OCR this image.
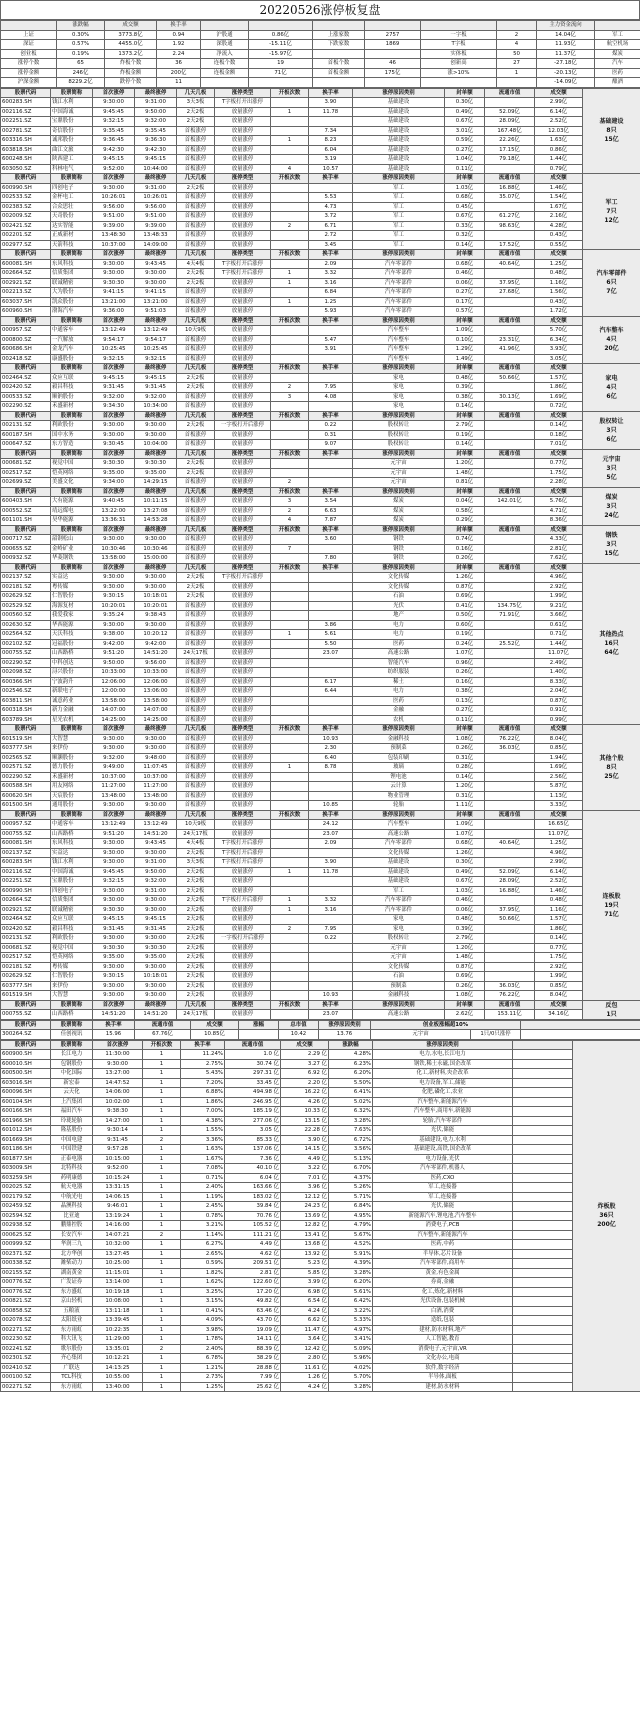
20220526涨停板复盘
	涨跌幅	成交额	换手率							主力资金流向	
上证	0.30%	3773.8亿	0.94	沪股通	0.86亿	上涨家数	2757	一字板	2	14.04亿	军工
深证	0.57%	4455.0亿	1.92	深股通	-15.11亿	下跌家数	1869	T字板	4	11.93亿	航空机场
创业板	0.19%	1373.2亿	2.24	净流入	-15.97亿			实体板	50	11.37亿	煤炭
涨停个数	65	炸板个数	36	连板个数	19	首板个数	46	创新高	27	-27.18亿	汽车
涨停金额	246亿	炸板金额	200亿	连板金额	71亿	首板金额	175亿	涨>10%	1	-20.13亿	医药
沪深金额	8229.2亿	跌停个数	11							-14.09亿	酿酒
股票代码	股票简称	首次涨停	最终涨停	几天几板	涨停类型	开板次数	换手率	涨停原因类别	封单额	流通市值	成交额	基础建设
8只
15亿
600283.SH	钱江水利	9:30:00	9:31:00	3天3板	T字板打开出涨停		3.90	基础建设	0.30亿		2.99亿	
002116.SZ	中国海诚	9:45:45	9:50:00	2天2板	放量涨停	1	11.78	基础建设	0.49亿	52.09亿	6.14亿	
002251.SZ	宝鼎股份	9:32:15	9:32:00	2天2板	放量涨停			基础建设	0.67亿	28.09亿	2.52亿	
002781.SZ	奇信股份	9:35:45	9:35:45	首板涨停	放量涨停		7.34	基础建设	3.01亿	167.48亿	12.03亿	
603316.SH	诚邦股份	9:36:45	9:36:30	首板涨停	放量涨停	1	8.23	基础建设	0.59亿	22.26亿	1.63亿	
603818.SH	曲江文旅	9:42:30	9:42:30	首板涨停	放量涨停		6.04	基础建设	0.27亿	17.15亿	0.86亿	
600248.SH	陕西建工	9:45:15	9:45:15	首板涨停	放量涨停		3.19	基础建设	1.04亿	79.18亿	1.44亿	
603050.SZ	科林电气	9:52:00	10:44:00	首板涨停	放量涨停	4	10.57	基础建设	0.11亿		0.79亿	
股票代码	股票简称	首次涨停	最终涨停	几天几板	涨停类型	开板次数	换手率	涨停原因类别	封单额	流通市值	成交额	军工
7只
12亿
600990.SH	四创电子	9:30:00	9:31:00	2天2板	放量涨停			军工	1.03亿	16.88亿	1.46亿	
002533.SZ	金杯电工	10:26:01	10:26:01	首板涨停	放量涨停		5.53	军工	0.68亿	35.07亿	1.54亿	
002383.SZ	合众思壮	9:56:00	9:56:00	首板涨停	放量涨停		4.73	军工	0.45亿		1.67亿	
002009.SZ	天奇股份	9:51:00	9:51:00	首板涨停	放量涨停		3.72	军工	0.67亿	61.27亿	2.16亿	
002421.SZ	达实智能	9:39:00	9:39:00	首板涨停	放量涨停	2	6.71	军工	0.33亿	98.63亿	4.28亿	
002201.SZ	正威新材	13:48:30	13:48:33	首板涨停	放量涨停		2.72	军工	0.32亿		0.43亿	
002977.SZ	天箭科技	10:37:00	14:09:00	首板涨停	放量涨停		3.45	军工	0.14亿	17.52亿	0.55亿	
股票代码	股票简称	首次涨停	最终涨停	几天几板	涨停类型	开板次数	换手率	涨停原因类别	封单额	流通市值	成交额	汽车零部件
6只
7亿
600081.SH	东风科技	9:30:00	9:43:45	4天4板	T字板打开后涨停		2.09	汽车零部件	0.68亿	40.64亿	1.25亿	
002664.SZ	信质集团	9:30:00	9:30:00	2天2板	T字板打开后涨停	1	3.32	汽车零部件	0.46亿		0.48亿	
002921.SZ	联诚精密	9:30:30	9:30:00	2天2板	放量涨停	1	3.16	汽车零部件	0.06亿	37.95亿	1.16亿	
002213.SZ	大为股份	9:41:15	9:41:15	首板涨停	放量涨停		6.84	汽车零部件	0.27亿	27.68亿	1.56亿	
603037.SH	凯众股份	13:21:00	13:21:00	首板涨停	放量涨停	1	1.25	汽车零部件	0.17亿		0.43亿	
600960.SH	渤海汽车	9:36:00	9:51:03	首板涨停	放量涨停		5.93	汽车零部件	0.57亿		1.72亿	
股票代码	股票简称	首次涨停	最终涨停	几天几板	涨停类型	开板次数	换手率	涨停原因类别	封单额	流通市值	成交额	汽车整车
4只
20亿
000957.SZ	中通客车	13:12:49	13:12:49	10天9板	放量涨停			汽车整车	1.09亿		5.70亿	
000800.SZ	一汽解放	9:54:17	9:54:17	首板涨停	放量涨停		5.47	汽车整车	0.10亿	23.31亿	6.34亿	
600686.SH	金龙汽车	10:25:45	10:25:45	首板涨停	放量涨停		3.91	汽车整车	1.29亿	41.96亿	3.93亿	
002418.SZ	康盛股份	9:32:15	9:32:15	首板涨停	放量涨停			汽车整车	1.49亿		3.05亿	
股票代码	股票简称	首次涨停	最终涨停	几天几板	涨停类型	开板次数	换手率	涨停原因类别	封单额	流通市值	成交额	家电
4只
6亿
002464.SZ	众应互联	9:45:15	9:45:15	2天2板	放量涨停			家电	0.48亿	50.66亿	1.57亿	
002420.SZ	毅昌科技	9:31:45	9:31:45	2天2板	放量涨停	2	7.95	家电	0.39亿		1.86亿	
000533.SZ	顺钠股份	9:32:00	9:32:00	首板涨停	放量涨停	3	4.08	家电	0.38亿	30.13亿	1.69亿	
002290.SZ	禾盛新材	9:34:30	10:34:00	首板涨停	放量涨停			家电	0.14亿		0.72亿	
股票代码	股票简称	首次涨停	最终涨停	几天几板	涨停类型	开板次数	换手率	涨停原因类别	封单额	流通市值	成交额	股权转让
3只
6亿
002131.SZ	利欧股份	9:30:00	9:30:00	2天2板	一字板打开后涨停		0.22	股权转让	2.79亿		0.14亿	
600187.SH	国中水务	9:30:00	9:30:00	首板涨停	放量涨停		0.31	股权转让	0.19亿		0.18亿	
000647.SZ	东方智造	9:30:45	10:04:00	首板涨停	放量涨停		9.07	股权转让	0.14亿		7.01亿	
股票代码	股票简称	首次涨停	最终涨停	几天几板	涨停类型	开板次数	换手率	涨停原因类别	封单额	流通市值	成交额	元宇宙
3只
5亿
000681.SZ	视觉中国	9:30:30	9:30:30	2天2板	放量涨停			元宇宙	1.20亿		0.77亿	
002517.SZ	恺英网络	9:35:00	9:35:00	2天2板	放量涨停			元宇宙	1.48亿		1.75亿	
002699.SZ	美盛文化	9:34:00	14:29:15	首板涨停	放量涨停	2		元宇宙	0.81亿		2.28亿	
股票代码	股票简称	首次涨停	最终涨停	几天几板	涨停类型	开板次数	换手率	涨停原因类别	封单额	流通市值	成交额	煤炭
3只
24亿
600403.SH	大有能源	9:40:45	10:11:15	首板涨停	放量涨停	3	3.54	煤炭	0.04亿	142.01亿	5.76亿	
000552.SZ	靖远煤电	13:22:00	13:27:08	首板涨停	放量涨停	2	6.63	煤炭	0.58亿		4.71亿	
601101.SH	昊华能源	13:36:31	14:53:28	首板涨停	放量涨停	4	7.87	煤炭	0.29亿		8.36亿	
股票代码	股票简称	首次涨停	最终涨停	几天几板	涨停类型	开板次数	换手率	涨停原因类别	封单额	流通市值	成交额	钢铁
3只
15亿
000717.SZ	韶钢松山	9:30:00	9:30:00	首板涨停	放量涨停		3.60	钢铁	0.74亿		4.33亿	
000655.SZ	金岭矿业	10:30:46	10:30:46	首板涨停	放量涨停	7		钢铁	0.16亿		2.81亿	
000932.SZ	华菱钢铁	13:58:00	15:00:00	首板涨停	放量涨停		7.80	钢铁	0.20亿		7.62亿	
股票代码	股票简称	首次涨停	最终涨停	几天几板	涨停类型	开板次数	换手率	涨停原因类别	封单额	流通市值	成交额	其他热点
16只
64亿
002137.SZ	实益达	9:30:00	9:30:00	2天2板	T字板打开后涨停			文化传媒	1.26亿		4.96亿	
002181.SZ	粤传媒	9:30:00	9:30:00	2天2板	放量涨停			文化传媒	0.87亿		2.92亿	
002629.SZ	仁智股份	9:30:15	10:18:01	2天2板	放量涨停			石油	0.69亿		1.99亿	
002529.SZ	海源复材	10:20:01	10:20:01	首板涨停	放量涨停			光伏	0.41亿	134.75亿	9.21亿	
000560.SZ	我爱我家	9:35:24	9:38:43	首板涨停	放量涨停			地产	0.50亿	71.91亿	3.66亿	
002630.SZ	华西能源	9:30:00	9:30:00	首板涨停	放量涨停		3.86	电力	0.60亿		0.61亿	
002564.SZ	天沃科技	9:38:00	10:20:12	首板涨停	放量涨停	1	5.61	电力	0.19亿		0.71亿	
002102.SZ	冠福股份	9:42:00	9:42:00	首板涨停	放量涨停		5.50	医药	0.24亿	25.52亿	1.44亿	
000755.SZ	山西路桥	9:51:20	14:51:20	24天17板	放量涨停		23.07	高速公路	1.07亿		11.07亿	
002290.SZ	中科创达	9:50:00	9:56:00	首板涨停	放量涨停			智能汽车	0.96亿		2.49亿	
002098.SZ	浔兴股份	10:33:00	10:33:00	首板涨停	放量涨停			纺织服装	0.26亿		1.40亿	
600366.SH	宁波韵升	12:06:00	12:06:00	首板涨停	放量涨停		6.17	稀土	0.16亿		8.33亿	
002546.SZ	新联电子	12:00:00	13:06:00	首板涨停	放量涨停		6.44	电力	0.38亿		2.04亿	
603811.SH	诚意药业	13:58:00	13:58:00	首板涨停	放量涨停			医药	0.13亿		0.87亿	
600318.SH	新力金融	14:07:00	14:07:00	首板涨停	放量涨停			金融	0.27亿		0.91亿	
603789.SH	星光农机	14:25:00	14:25:00	首板涨停	放量涨停			农机	0.11亿		0.99亿	
股票代码	股票简称	首次涨停	最终涨停	几天几板	涨停类型	开板次数	换手率	涨停原因类别	封单额	流通市值	成交额	其他个股
8只
25亿
601519.SH	大智慧	9:30:00	9:30:00	首板涨停	放量涨停		10.93	金融科技	1.08亿	76.22亿	8.04亿	
603777.SH	来伊份	9:30:00	9:30:00	首板涨停	放量涨停		2.30	预制菜	0.26亿	36.03亿	0.85亿	
002565.SZ	顺灏股份	9:32:00	9:48:00	首板涨停	放量涨停		6.40	包装印刷	0.31亿		1.94亿	
002571.SZ	德力股份	9:49:00	11:07:45	首板涨停	放量涨停	1	8.78	玻璃	0.28亿		1.69亿	
002290.SZ	禾盛新材	10:37:00	10:37:00	首板涨停	放量涨停			锂电池	0.14亿		2.56亿	
600588.SH	用友网络	11:27:00	11:27:00	首板涨停	放量涨停			云计算	1.20亿		5.87亿	
600620.SH	天宸股份	13:48:00	13:48:00	首板涨停	放量涨停			物业管理	0.31亿		1.13亿	
601500.SH	通用股份	9:30:00	9:30:00	首板涨停	放量涨停		10.85	轮胎	1.11亿		3.33亿	
股票代码	股票简称	首次涨停	最终涨停	几天几板	涨停类型	开板次数	换手率	涨停原因类别	封单额	流通市值	成交额	连板股
19只
71亿
000957.SZ	中通客车	13:12:49	13:12:49	10天9板	放量涨停		24.12	汽车整车	1.09亿		16.65亿	
000755.SZ	山西路桥	9:51:20	14:51:20	24天17板	放量涨停		23.07	高速公路	1.07亿		11.07亿	
600081.SH	东风科技	9:30:00	9:43:45	4天4板	T字板打开后涨停		2.09	汽车零部件	0.68亿	40.64亿	1.25亿	
002137.SZ	实益达	9:30:00	9:30:00	2天2板	T字板打开后涨停			文化传媒	1.26亿		4.96亿	
600283.SH	钱江水利	9:30:00	9:31:00	3天3板	T字板打开后涨停		3.90	基础建设	0.30亿		2.99亿	
002116.SZ	中国海诚	9:45:45	9:50:00	2天2板	放量涨停	1	11.78	基础建设	0.49亿	52.09亿	6.14亿	
002251.SZ	宝鼎股份	9:32:15	9:32:00	2天2板	放量涨停			基础建设	0.67亿	28.09亿	2.52亿	
600990.SH	四创电子	9:30:00	9:31:00	2天2板	放量涨停			军工	1.03亿	16.88亿	1.46亿	
002664.SZ	信质集团	9:30:00	9:30:00	2天2板	T字板打开后涨停	1	3.32	汽车零部件	0.46亿		0.48亿	
002921.SZ	联诚精密	9:30:30	9:30:00	2天2板	放量涨停	1	3.16	汽车零部件	0.06亿	37.95亿	1.16亿	
002464.SZ	众应互联	9:45:15	9:45:15	2天2板	放量涨停			家电	0.48亿	50.66亿	1.57亿	
002420.SZ	毅昌科技	9:31:45	9:31:45	2天2板	放量涨停	2	7.95	家电	0.39亿		1.86亿	
002131.SZ	利欧股份	9:30:00	9:30:00	2天2板	一字板打开后涨停		0.22	股权转让	2.79亿		0.14亿	
000681.SZ	视觉中国	9:30:30	9:30:30	2天2板	放量涨停			元宇宙	1.20亿		0.77亿	
002517.SZ	恺英网络	9:35:00	9:35:00	2天2板	放量涨停			元宇宙	1.48亿		1.75亿	
002181.SZ	粤传媒	9:30:00	9:30:00	2天2板	放量涨停			文化传媒	0.87亿		2.92亿	
002629.SZ	仁智股份	9:30:15	10:18:01	2天2板	放量涨停			石油	0.69亿		1.99亿	
603777.SH	来伊份	9:30:00	9:30:00	2天2板	放量涨停			预制菜	0.26亿	36.03亿	0.85亿	
601519.SH	大智慧	9:30:00	9:30:00	2天2板	放量涨停		10.93	金融科技	1.08亿	76.22亿	8.04亿	
股票代码	股票简称	首次涨停	最终涨停	几天几板	涨停类型	开板次数	换手率	涨停原因类别	封单额	流通市值	成交额	反包
1只
000755.SZ	山西路桥	14:51:20	14:51:20	24天17板	放量涨停		23.07	高速公路	2.62亿	153.11亿	34.16亿	
股票代码	股票简称	换手率	流通市值	成交额	涨幅	总市值	涨停原因类别	创业板涨幅超10%		
300264.SZ	佳创视讯	15.96	67.76亿	10.85亿		10.42	13.76	元宇宙	1只/0只涨停	
股票代码	股票简称	首次涨停	开板次数	换手率	流通市值	成交额	涨跌幅	涨停原因类别		炸板股
36只
200亿
600900.SH	长江电力	11:30:00	1	11.24%	1.0 亿	2.29 亿	4.28%	电力,水电,长江电力		
600010.SH	包钢股份	9:30:00	1	2.75%	30.74 亿	3.27 亿	6.23%	钢铁,稀土永磁,国企改革		
600500.SH	中化国际	13:27:00	1	5.43%	297.31 亿	6.92 亿	6.20%	化工,新材料,央企改革		
603016.SH	新宏泰	14:47:52	1	7.20%	33.45 亿	2.20 亿	5.50%	电力设备,军工,储能		
600096.SH	云天化	14:06:00	1	6.88%	494.98 亿	16.22 亿	6.41%	化肥,磷化工,农业		
600104.SH	上汽集团	10:02:00	1	1.86%	246.95 亿	4.26 亿	5.02%	汽车整车,新能源汽车		
600166.SH	福田汽车	9:38:30	1	7.00%	185.19 亿	10.33 亿	6.32%	汽车整车,商用车,新能源		
601966.SH	玲珑轮胎	14:27:00	1	4.38%	277.06 亿	13.15 亿	3.28%	轮胎,汽车零部件		
601012.SH	隆基股份	9:30:14	1	1.55%	3.05 亿	22.28 亿	7.63%	光伏,储能		
601669.SH	中国电建	9:31:45	2	3.36%	85.33 亿	3.90 亿	6.72%	基础建设,电力,水利		
601186.SH	中国铁建	9:57:28	1	1.63%	137.06 亿	14.15 亿	3.56%	基础建设,高铁,国企改革		
601877.SH	正泰电器	10:15:00	1	1.67%	7.36 亿	4.49 亿	5.13%	电力设备,光伏		
603009.SH	北特科技	9:52:00	1	7.08%	40.10 亿	3.22 亿	6.70%	汽车零部件,机器人		
603259.SH	药明康德	10:15:24	1	0.71%	6.04 亿	7.01 亿	4.37%	医药,CXO		
002025.SZ	航天电器	13:31:15	1	2.40%	163.66 亿	3.96 亿	5.26%	军工,连接器		
002179.SZ	中航光电	14:06:15	1	1.19%	183.02 亿	12.12 亿	5.71%	军工,连接器		
002459.SZ	晶澳科技	9:46:01	1	2.45%	39.84 亿	24.23 亿	6.84%	光伏,储能		
002594.SZ	比亚迪	13:19:24	1	0.78%	70.76 亿	13.69 亿	4.95%	新能源汽车,锂电池,汽车整车		
002938.SZ	鹏鼎控股	14:16:00	1	3.21%	105.52 亿	12.82 亿	4.79%	消费电子,PCB		
000625.SZ	长安汽车	14:07:21	2	1.14%	111.21 亿	13.41 亿	5.67%	汽车整车,新能源汽车		
000999.SZ	华润三九	10:32:00	1	6.27%	4.49 亿	13.68 亿	4.52%	医药,中药		
002371.SZ	北方华创	13:27:45	1	2.65%	4.62 亿	13.92 亿	5.91%	半导体,芯片设备		
000338.SZ	潍柴动力	10:25:00	1	0.59%	209.51 亿	5.23 亿	4.39%	汽车零部件,商用车		
002155.SZ	湖南黄金	11:15:01	1	1.82%	2.81 亿	5.85 亿	3.28%	黄金,有色金属		
000776.SZ	广发证券	13:14:00	1	1.62%	122.60 亿	3.99 亿	6.20%	券商,金融		
000776.SZ	东方盛虹	10:19:18	1	3.25%	17.20 亿	6.98 亿	5.61%	化工,炼化,新材料		
000821.SZ	京山轻机	10:08:00	1	3.15%	49.82 亿	6.54 亿	6.42%	光伏设备,包装机械		
000858.SZ	五粮液	13:11:18	1	0.41%	63.46 亿	4.24 亿	3.22%	白酒,消费		
002078.SZ	太阳纸业	13:39:45	1	4.09%	43.70 亿	6.62 亿	5.33%	造纸,包装		
002271.SZ	东方雨虹	10:22:35	1	3.98%	19.09 亿	11.47 亿	4.97%	建材,防水材料,地产		
002230.SZ	科大讯飞	11:29:00	1	1.78%	14.11 亿	3.64 亿	3.41%	人工智能,教育		
002241.SZ	歌尔股份	13:35:01	2	2.40%	88.39 亿	12.42 亿	5.09%	消费电子,元宇宙,VR		
002301.SZ	齐心集团	10:12:21	1	6.78%	38.29 亿	2.80 亿	5.96%	文化办公,电商		
002410.SZ	广联达	14:13:25	1	1.21%	28.88 亿	11.61 亿	4.02%	软件,数字经济		
000100.SZ	TCL科技	10:55:00	1	2.73%	7.99 亿	1.26 亿	5.70%	半导体,面板		
002271.SZ	东方雨虹	13:40:00	1	1.25%	25.62 亿	4.24 亿	3.28%	建材,防水材料		
